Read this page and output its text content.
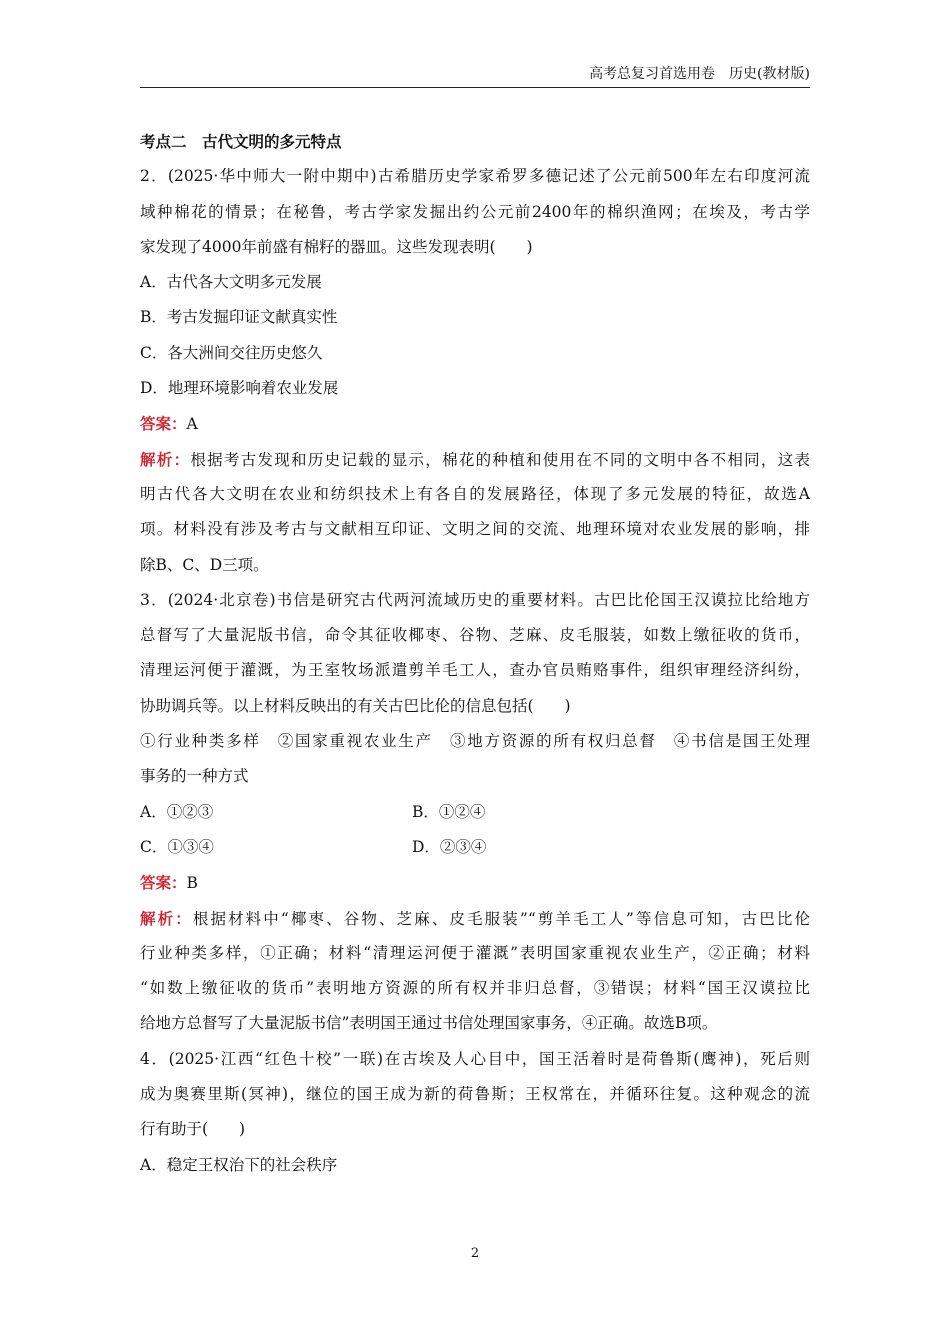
高考总复习首选用卷　历史(教材版)
考点二　古代文明的多元特点
2．(2025·华中师大一附中期中)古希腊历史学家希罗多德记述了公元前500年左右印度河流
域种棉花的情景；在秘鲁，考古学家发掘出约公元前2400年的棉织渔网；在埃及，考古学
家发现了4000年前盛有棉籽的器皿。这些发现表明(　　)
A．古代各大文明多元发展
B．考古发掘印证文献真实性
C．各大洲间交往历史悠久
D．地理环境影响着农业发展
答案：A
解析：根据考古发现和历史记载的显示，棉花的种植和使用在不同的文明中各不相同，这表
明古代各大文明在农业和纺织技术上有各自的发展路径，体现了多元发展的特征，故选A
项。材料没有涉及考古与文献相互印证、文明之间的交流、地理环境对农业发展的影响，排
除B、C、D三项。
3．(2024·北京卷)书信是研究古代两河流域历史的重要材料。古巴比伦国王汉谟拉比给地方
总督写了大量泥版书信，命令其征收椰枣、谷物、芝麻、皮毛服装，如数上缴征收的货币，
清理运河便于灌溉，为王室牧场派遣剪羊毛工人，查办官员贿赂事件，组织审理经济纠纷，
协助调兵等。以上材料反映出的有关古巴比伦的信息包括(　　)
①行业种类多样　②国家重视农业生产　③地方资源的所有权归总督　④书信是国王处理
事务的一种方式
A．①②③	B．①②④
C．①③④	D．②③④
答案：B
解析：根据材料中“椰枣、谷物、芝麻、皮毛服装”“剪羊毛工人”等信息可知，古巴比伦
行业种类多样，①正确；材料“清理运河便于灌溉”表明国家重视农业生产，②正确；材料
“如数上缴征收的货币”表明地方资源的所有权并非归总督，③错误；材料“国王汉谟拉比
给地方总督写了大量泥版书信”表明国王通过书信处理国家事务，④正确。故选B项。
4．(2025·江西“红色十校”一联)在古埃及人心目中，国王活着时是荷鲁斯(鹰神)，死后则
成为奥赛里斯(冥神)，继位的国王成为新的荷鲁斯；王权常在，并循环往复。这种观念的流
行有助于(　　)
A．稳定王权治下的社会秩序
2
